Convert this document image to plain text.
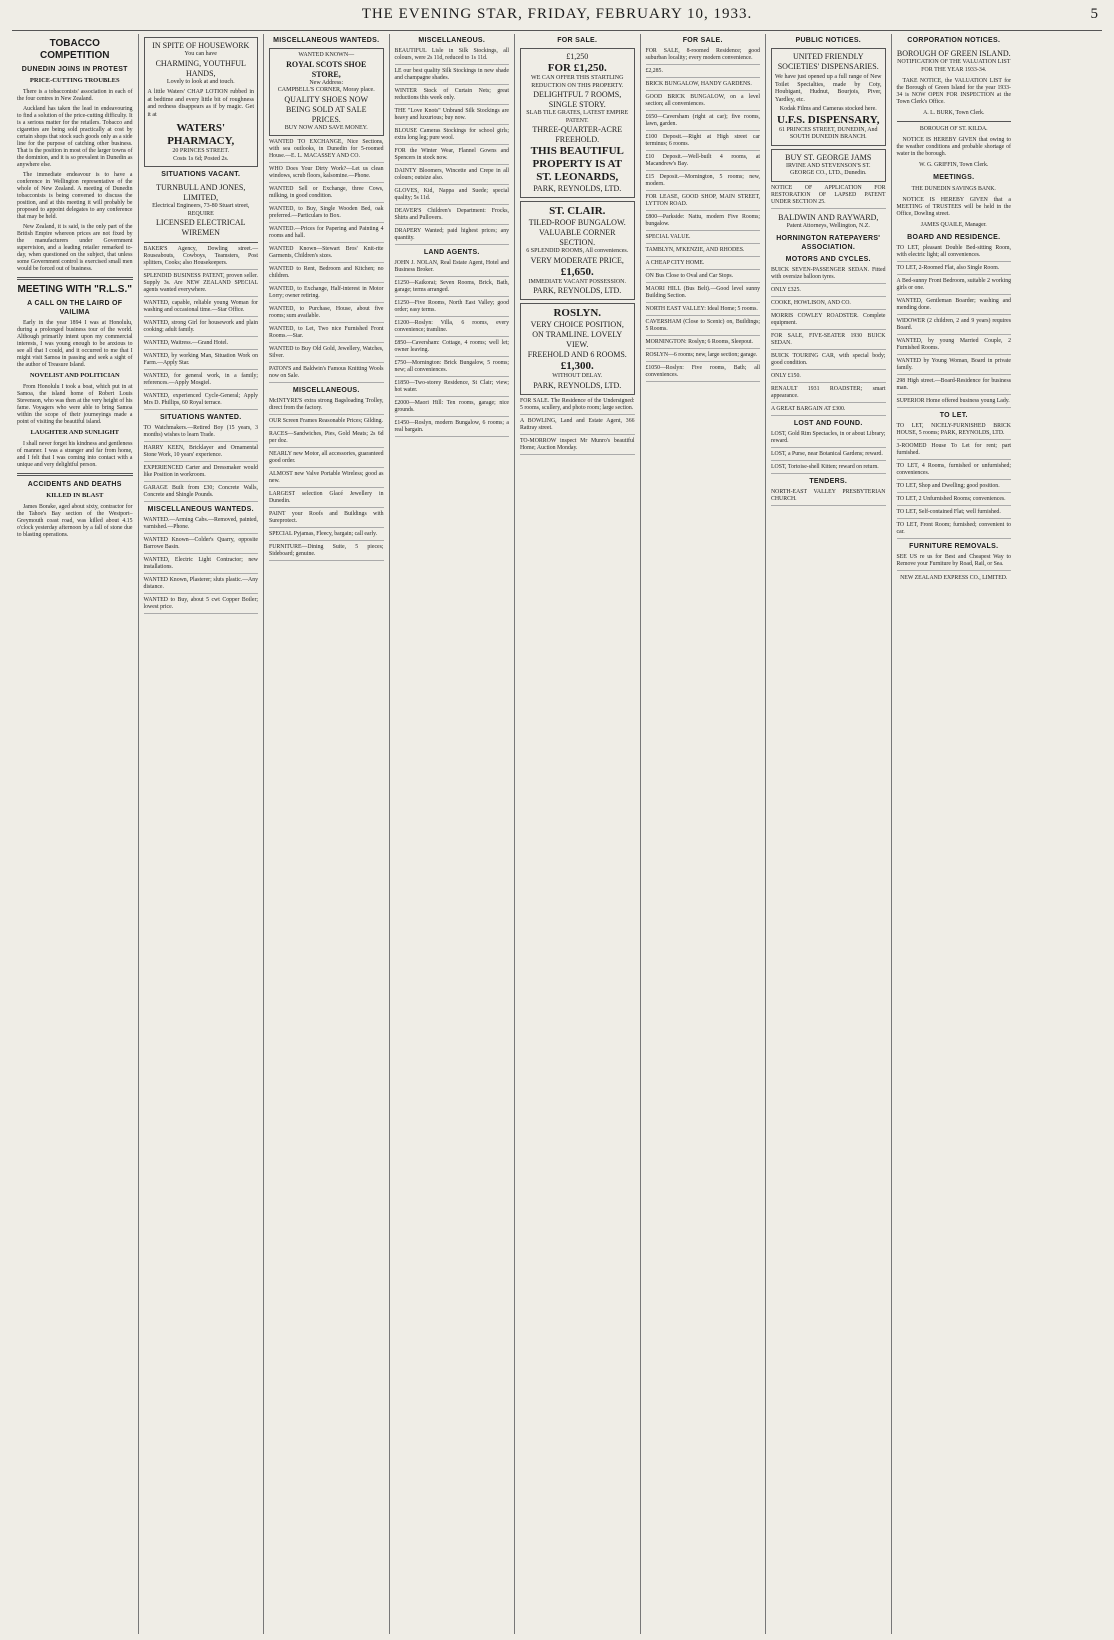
THE EVENING STAR, FRIDAY, FEBRUARY 10, 1933.	5
TOBACCO COMPETITION
DUNEDIN JOINS IN PROTEST
PRICE-CUTTING TROUBLES

There is a tobacconists' association in each of the four centres in New Zealand.

Auckland has taken the lead in endeavouring to find a solution of the price-cutting difficulty. It is a serious matter for the retailers. Tobacco and cigarettes are being sold practically at cost by certain shops that stock such goods only as a side line for the purpose of catching other business. That is the position in most of the larger towns of the dominion, and it is so prevalent in Dunedin as anywhere else.

The immediate endeavour is to have a conference in Wellington representative of the whole of New Zealand. A meeting of Dunedin tobacconists is being convened to discuss the position, and at this meeting it will probably be proposed to appoint delegates to any conference that may be held.

New Zealand, it is said, is the only part of the British Empire whereon prices are not fixed by the manufacturers under Government supervision, and a leading retailer remarked to-day, when questioned on the subject, that unless some Government control is exercised small men would be forced out of business.

MEETING WITH "R.L.S."
A CALL ON THE LAIRD OF VAILIMA

Early in the year 1894 I was at Honolulu, during a prolonged business tour of the world. Although primarily intent upon my commercial interests, I was young enough to be anxious to see all that I could, and it occurred to me that I might visit Samoa in passing and seek a sight of the author of Treasure Island.

NOVELIST AND POLITICIAN

From Honolulu I took a boat, which put in at Samoa, the island home of Robert Louis Stevenson, who was then at the very height of his fame. Voyagers who were able to bring Samoa within the scope of their journeyings made a point of visiting the beautiful island.

LAUGHTER AND SUNLIGHT

I shall never forget his kindness and gentleness of manner. I was a stranger and far from home, and I felt that I was coming into contact with a unique and very delightful person.

ACCIDENTS AND DEATHS
KILLED IN BLAST

James Borake, aged about sixty, contractor for the Tahoe's Bay section of the Westport–Greymouth coast road, was killed about 4.15 o'clock yesterday afternoon by a fall of stone due to blasting operations.

IN SPITE OF HOUSEWORK
You can have
CHARMING, YOUTHFUL HANDS,
Lovely to look at and touch.
A little Waters' CHAP LOTION rubbed in at bedtime and every little bit of roughness and redness disappears as if by magic. Get it at
WATERS' PHARMACY,
20 PRINCES STREET.
Costs 1s 6d; Posted 2s.
SITUATIONS VACANT.
TURNBULL AND JONES, LIMITED,
Electrical Engineers, 73-80 Stuart street, REQUIRE
LICENSED ELECTRICAL WIREMEN
BAKER'S Agency, Dowling street.—Rouseabouts, Cowboys, Teamsters, Post splitters, Cooks; also Housekeepers.
SPLENDID BUSINESS PATENT, proven seller. Supply 3s. Are NEW ZEALAND SPECIAL agents wanted everywhere.
WANTED, capable, reliable young Woman for washing and occasional time.—Star Office.
WANTED, strong Girl for housework and plain cooking; adult family.
WANTED, Waitress.—Grand Hotel.
WANTED, by working Man, Situation Work on Farm.—Apply Star.
WANTED, for general work, in a family; references.—Apply Mosgiel.
WANTED, experienced Cycle-General; Apply Mrs D. Phillips, 60 Royal terrace.
SITUATIONS WANTED.
TO Watchmakers.—Retired Boy (15 years, 3 months) wishes to learn Trade.
HARRY KEEN, Bricklayer and Ornamental Stone Work, 10 years' experience.
EXPERIENCED Carter and Dressmaker would like Position in workroom.
GARAGE Built from £30; Concrete Walls, Concrete and Shingle Pounds.
MISCELLANEOUS WANTEDS.
WANTED.—Arming Cabs.—Removed, painted, varnished.—Phone.
WANTED Known—Colder's Quarry, opposite Barrowe Basin.
WANTED, Electric Light Contractor; new installations.
WANTED Known, Plasterer; sluts plastic.—Any distance.
WANTED to Buy, about 5 cwt Copper Boiler; lowest price.
MISCELLANEOUS WANTEDS.
WANTED KNOWN—
ROYAL SCOTS SHOE STORE,
New Address:
CAMPBELL'S CORNER, Moray place.
QUALITY SHOES NOW BEING SOLD AT SALE PRICES.
BUY NOW AND SAVE MONEY.
WANTED TO EXCHANGE, Nice Sections, with sea outlooks, in Dunedin for 5-roomed House.—E. L. MACASSEY AND CO.
WHO Does Your Dirty Work?—Let us clean windows, scrub floors, kalsomine.—Phone.
WANTED Sell or Exchange, three Cows, milking, in good condition.
WANTED, to Buy, Single Wooden Bed, oak preferred.—Particulars to Box.
WANTED.—Prices for Papering and Painting 4 rooms and hall.
WANTED Known—Stewart Bros' Knit-rite Garments, Children's sizes.
WANTED to Rent, Bedroom and Kitchen; no children.
WANTED, to Exchange, Half-interest in Motor Lorry; owner retiring.
WANTED, to Purchase, House, about five rooms; sum available.
WANTED, to Let, Two nice Furnished Front Rooms.—Star.
WANTED to Buy Old Gold, Jewellery, Watches, Silver.
PATON'S and Baldwin's Famous Knitting Wools now on Sale.
MISCELLANEOUS.
McINTYRE'S extra strong Bagsloading Trolley, direct from the factory.
OUR Screen Frames Reasonable Prices; Gilding.
RACES—Sandwiches, Pies, Gold Meats; 2s 6d per doz.
NEARLY new Motor, all accessories, guaranteed good order.
ALMOST new Valve Portable Wireless; good as new.
LARGEST selection Glacé Jewellery in Dunedin.
PAINT your Roofs and Buildings with Sureprotect.
SPECIAL Pyjamas, Fleecy, bargain; call early.
FURNITURE—Dining Suite, 5 pieces; Sideboard; genuine.
MISCELLANEOUS.
BEAUTIFUL Lisle in Silk Stockings, all colours, were 2s 11d, reduced to 1s 11d.
LE our best quality Silk Stockings in new shade and champagne shades.
WINTER Stock of Curtain Nets; great reductions this week only.
THE "Love Knots" Unbrand Silk Stockings are heavy and luxurious; buy now.
BLOUSE Cameras Stockings for school girls; extra long leg; pure wool.
FOR the Winter Wear, Flannel Gowns and Spencers in stock now.
DAINTY Bloomers, Wincette and Crepe in all colours; outsize also.
GLOVES, Kid, Nappa and Suede; special quality; 5s 11d.
DEAVER'S Children's Department: Frocks, Shirts and Pullovers.
DRAPERY Wanted; paid highest prices; any quantity.
LAND AGENTS.
JOHN J. NOLAN, Real Estate Agent, Hotel and Business Broker.
£1250—Kaikorai; Seven Rooms, Brick, Bath, garage; terms arranged.
£1250—Five Rooms, North East Valley; good order; easy terms.
£1200—Roslyn: Villa, 6 rooms, every convenience; tramline.
£850—Caversham: Cottage, 4 rooms; well let; owner leaving.
£750—Mornington: Brick Bungalow, 5 rooms; new; all conveniences.
£1850—Two-storey Residence, St Clair; view; hot water.
£2000—Maori Hill: Ten rooms, garage; nice grounds.
£1450—Roslyn, modern Bungalow, 6 rooms; a real bargain.
FOR SALE.
£1,250
FOR £1,250.
WE CAN OFFER THIS STARTLING REDUCTION ON THIS PROPERTY.
DELIGHTFUL 7 ROOMS, SINGLE STORY.
SLAB TILE GRATES, LATEST EMPIRE PATENT.
THREE-QUARTER-ACRE FREEHOLD.
THIS BEAUTIFUL PROPERTY IS AT ST. LEONARDS,
PARK, REYNOLDS, LTD.
ST. CLAIR.
TILED-ROOF BUNGALOW.
VALUABLE CORNER SECTION.
6 SPLENDID ROOMS, All conveniences.
VERY MODERATE PRICE,
£1,650.
IMMEDIATE VACANT POSSESSION.
PARK, REYNOLDS, LTD.
ROSLYN.
VERY CHOICE POSITION, ON TRAMLINE. LOVELY VIEW.
FREEHOLD AND 6 ROOMS.
£1,300.
WITHOUT DELAY.
PARK, REYNOLDS, LTD.
FOR SALE. The Residence of the Undersigned: 5 rooms, scullery, and photo room; large section.
A BOWLING, Land and Estate Agent, 366 Rattray street.
TO-MORROW inspect Mr Munro's beautiful Home; Auction Monday.
FOR SALE.
FOR SALE, 8-roomed Residence; good suburban locality; every modern convenience.
£2,285.
BRICK BUNGALOW, HANDY GARDENS.
GOOD BRICK BUNGALOW, on a level section; all conveniences.
£650—Caversham (right at car); five rooms, lawn, garden.
£100 Deposit.—Right at High street car terminus; 6 rooms.
£10 Deposit.—Well-built 4 rooms, at Macandrew's Bay.
£15 Deposit.—Mornington, 5 rooms; new, modern.
FOR LEASE, GOOD SHOP, MAIN STREET, LYTTON ROAD.
£800—Parkside: Nattu, modern Five Rooms; bungalow.
SPECIAL VALUE.
TAMBLYN, M'KENZIE, AND RHODES.
A CHEAP CITY HOME.
ON Bus Close to Oval and Car Stops.
MAORI HILL (Bus Belt).—Good level sunny Building Section.
NORTH EAST VALLEY: Ideal Home; 5 rooms.
CAVERSHAM (Close to Scenic) on, Buildings; 5 Rooms.
MORNINGTON: Roslyn; 6 Rooms, Sleepout.
ROSLYN—6 rooms; new, large section; garage.
£1050—Roslyn: Five rooms, Bath; all conveniences.
PUBLIC NOTICES.
UNITED FRIENDLY SOCIETIES' DISPENSARIES.
We have just opened up a full range of New Toilet Specialties, made by Coty, Houbigant, Hudnut, Bourjois, Piver, Yardley, etc.
Kodak Films and Cameras stocked here.
U.F.S. DISPENSARY,
61 PRINCES STREET, DUNEDIN, And SOUTH DUNEDIN BRANCH.
BUY ST. GEORGE JAMS
IRVINE AND STEVENSON'S ST. GEORGE CO., LTD., Dunedin.
NOTICE OF APPLICATION FOR RESTORATION OF LAPSED PATENT UNDER SECTION 25.
BALDWIN AND RAYWARD,
Patent Attorneys, Wellington, N.Z.
HORNINGTON RATEPAYERS' ASSOCIATION.
MOTORS AND CYCLES.
BUICK SEVEN-PASSENGER SEDAN. Fitted with oversize balloon tyres.
ONLY £325.
COOKE, HOWLISON, AND CO.
MORRIS COWLEY ROADSTER. Complete equipment.
FOR SALE, FIVE-SEATER 1930 BUICK SEDAN.
BUICK TOURING CAR, with special body; good condition.
ONLY £150.
RENAULT 1931 ROADSTER; smart appearance.
A GREAT BARGAIN AT £300.
LOST AND FOUND.
LOST, Gold Rim Spectacles, in or about Library; reward.
LOST, a Purse, near Botanical Gardens; reward.
LOST, Tortoise-shell Kitten; reward on return.
TENDERS.
NORTH-EAST VALLEY PRESBYTERIAN CHURCH.
CORPORATION NOTICES.
BOROUGH OF GREEN ISLAND.
NOTIFICATION OF THE VALUATION LIST FOR THE YEAR 1933-34.

TAKE NOTICE, the VALUATION LIST for the Borough of Green Island for the year 1933-34 is NOW OPEN FOR INSPECTION at the Town Clerk's Office.

A. L. BURK, Town Clerk.
BOROUGH OF ST. KILDA.

NOTICE IS HEREBY GIVEN that owing to the weather conditions and probable shortage of water in the borough.

W. G. GRIFFIN, Town Clerk.
MEETINGS.
THE DUNEDIN SAVINGS BANK.

NOTICE IS HEREBY GIVEN that a MEETING of TRUSTEES will be held in the Office, Dowling street.

JAMES QUAILE, Manager.
BOARD AND RESIDENCE.
TO LET, pleasant Double Bed-sitting Room, with electric light; all conveniences.
TO LET, 2-Roomed Flat, also Single Room.
A Bed-sunny Front Bedroom, suitable 2 working girls or one.
WANTED, Gentleman Boarder; washing and mending done.
WIDOWER (2 children, 2 and 9 years) requires Board.
WANTED, by young Married Couple, 2 Furnished Rooms.
WANTED by Young Woman, Board in private family.
298 High street.—Board-Residence for business man.
SUPERIOR Home offered business young Lady.
TO LET.
TO LET, NICELY-FURNISHED BRICK HOUSE, 5 rooms; PARK, REYNOLDS, LTD.
3-ROOMED House To Let for rent; part furnished.
TO LET, 4 Rooms, furnished or unfurnished; conveniences.
TO LET, Shop and Dwelling; good position.
TO LET, 2 Unfurnished Rooms; conveniences.
TO LET, Self-contained Flat; well furnished.
TO LET, Front Room; furnished; convenient to car.
FURNITURE REMOVALS.
SEE US re us for Best and Cheapest Way to Remove your Furniture by Road, Rail, or Sea.
NEW ZEALAND EXPRESS CO., LIMITED.
